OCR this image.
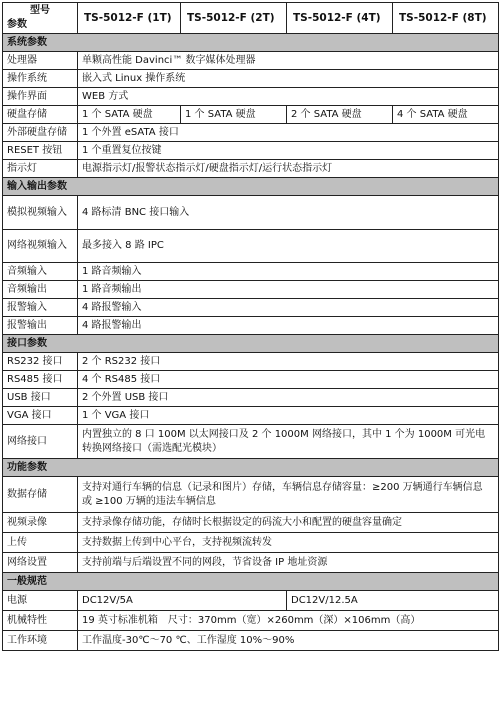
型号
参数	TS-5012-F (1T)	TS-5012-F (2T)	TS-5012-F (4T)	TS-5012-F (8T)
系统参数				
处理器	单颗高性能 Davinci™ 数字媒体处理器			
操作系统	嵌入式 Linux 操作系统			
操作界面	WEB 方式			
硬盘存储	1 个 SATA 硬盘	1 个 SATA 硬盘	2 个 SATA 硬盘	4 个 SATA 硬盘
外部硬盘存储	1 个外置 eSATA 接口			
RESET 按钮	1 个重置复位按键			
指示灯	电源指示灯/报警状态指示灯/硬盘指示灯/运行状态指示灯			
输入输出参数				
模拟视频输入	4 路标清 BNC 接口输入			
网络视频输入	最多接入 8 路 IPC			
音频输入	1 路音频输入			
音频输出	1 路音频输出			
报警输入	4 路报警输入			
报警输出	4 路报警输出			
接口参数				
RS232 接口	2 个 RS232 接口			
RS485 接口	4 个 RS485 接口			
USB 接口	2 个外置 USB 接口			
VGA 接口	1 个 VGA 接口			
网络接口	内置独立的 8 口 100M 以太网接口及 2 个 1000M 网络接口，其中 1 个为 1000M 可光电转换网络接口（需选配光模块）			
功能参数				
数据存储	支持对通行车辆的信息（记录和图片）存储，车辆信息存储容量：≥200 万辆通行车辆信息 或 ≥100 万辆的违法车辆信息			
视频录像	支持录像存储功能，存储时长根据设定的码流大小和配置的硬盘容量确定			
上传	支持数据上传到中心平台，支持视频流转发			
网络设置	支持前端与后端设置不同的网段，节省设备 IP 地址资源			
一般规范				
电源	DC12V/5A		DC12V/12.5A	
机械特性	19 英寸标准机箱　尺寸：370mm（宽）×260mm（深）×106mm（高）			
工作环境	工作温度-30℃～70 ℃、工作湿度 10%～90%			
